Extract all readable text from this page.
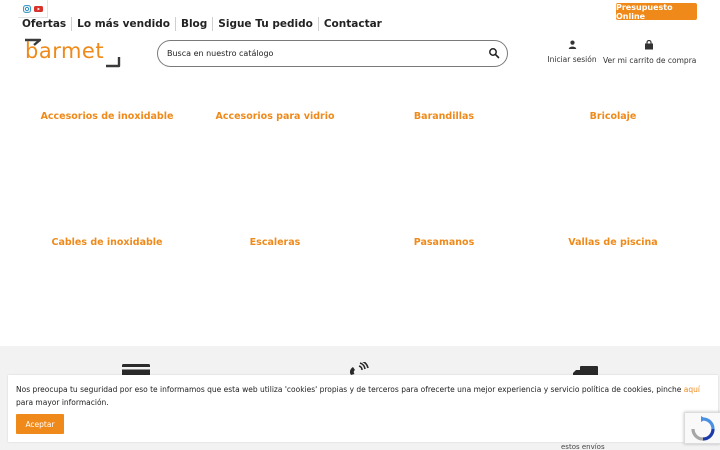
Ofertas	Lo más vendido	Blog	Sigue Tu pedido	Contactar
Presupuesto Online
barmet
Busca en nuestro catálogo	Iniciar sesión Ver mi carrito de compra
Accesorios de inoxidable	Accesorios para vidrio	Barandillas	Bricolaje
Cables de inoxidable	Escaleras	Pasamanos	Vallas de piscina
estos envíos

Nos preocupa tu seguridad por eso te informamos que esta web utiliza 'cookies' propias y de terceros para ofrecerte una mejor experiencia y servicio política de cookies, pinche aquí para mayor información.

Aceptar
